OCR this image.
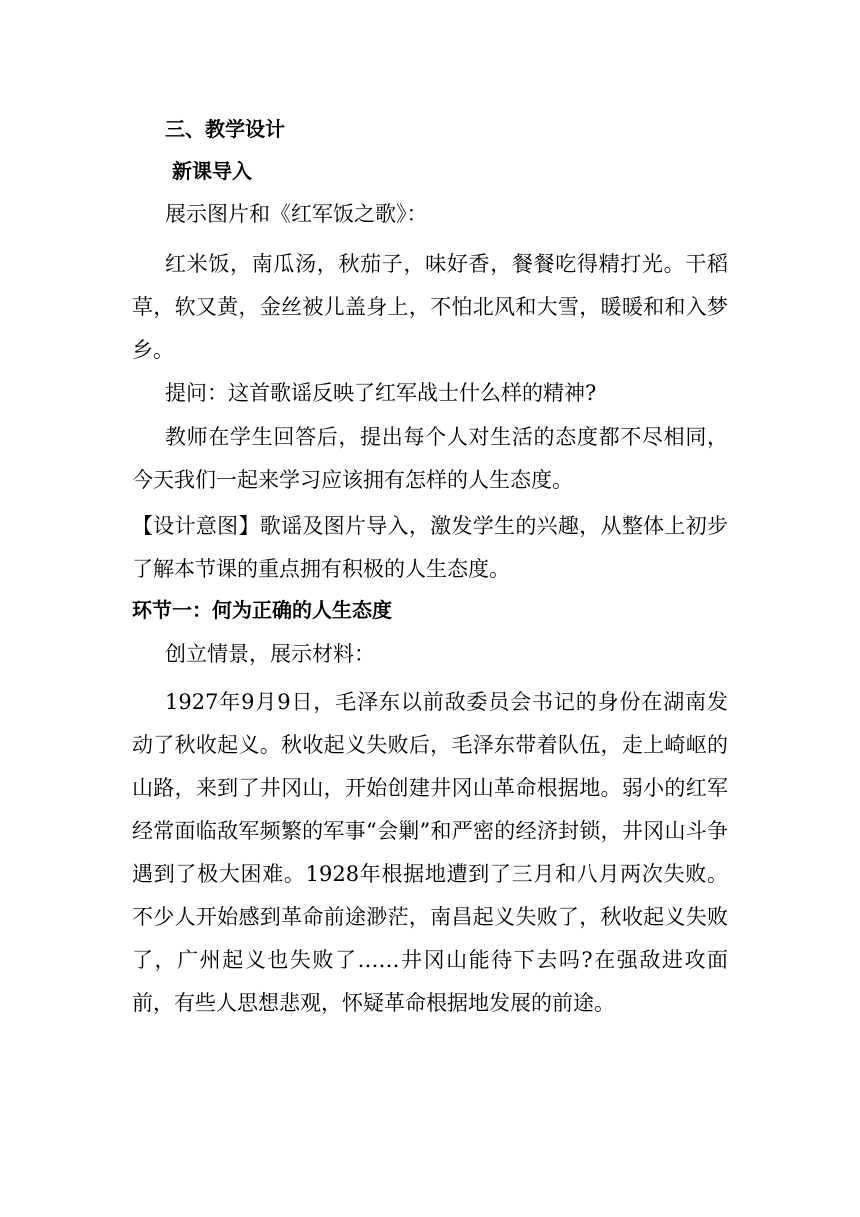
三、教学设计
新课导入
展示图片和《红军饭之歌》：
红米饭，南瓜汤，秋茄子，味好香，餐餐吃得精打光。干稻草，软又黄，金丝被儿盖身上，不怕北风和大雪，暖暖和和入梦乡。
提问：这首歌谣反映了红军战士什么样的精神?
教师在学生回答后，提出每个人对生活的态度都不尽相同，今天我们一起来学习应该拥有怎样的人生态度。
【设计意图】歌谣及图片导入，激发学生的兴趣，从整体上初步了解本节课的重点拥有积极的人生态度。
环节一：何为正确的人生态度
创立情景，展示材料：
1927年9月9日，毛泽东以前敌委员会书记的身份在湖南发动了秋收起义。秋收起义失败后，毛泽东带着队伍，走上崎岖的山路，来到了井冈山，开始创建井冈山革命根据地。弱小的红军经常面临敌军频繁的军事“会剿”和严密的经济封锁，井冈山斗争遇到了极大困难。1928年根据地遭到了三月和八月两次失败。不少人开始感到革命前途渺茫，南昌起义失败了，秋收起义失败了，广州起义也失败了……井冈山能待下去吗?在强敌进攻面前，有些人思想悲观，怀疑革命根据地发展的前途。
